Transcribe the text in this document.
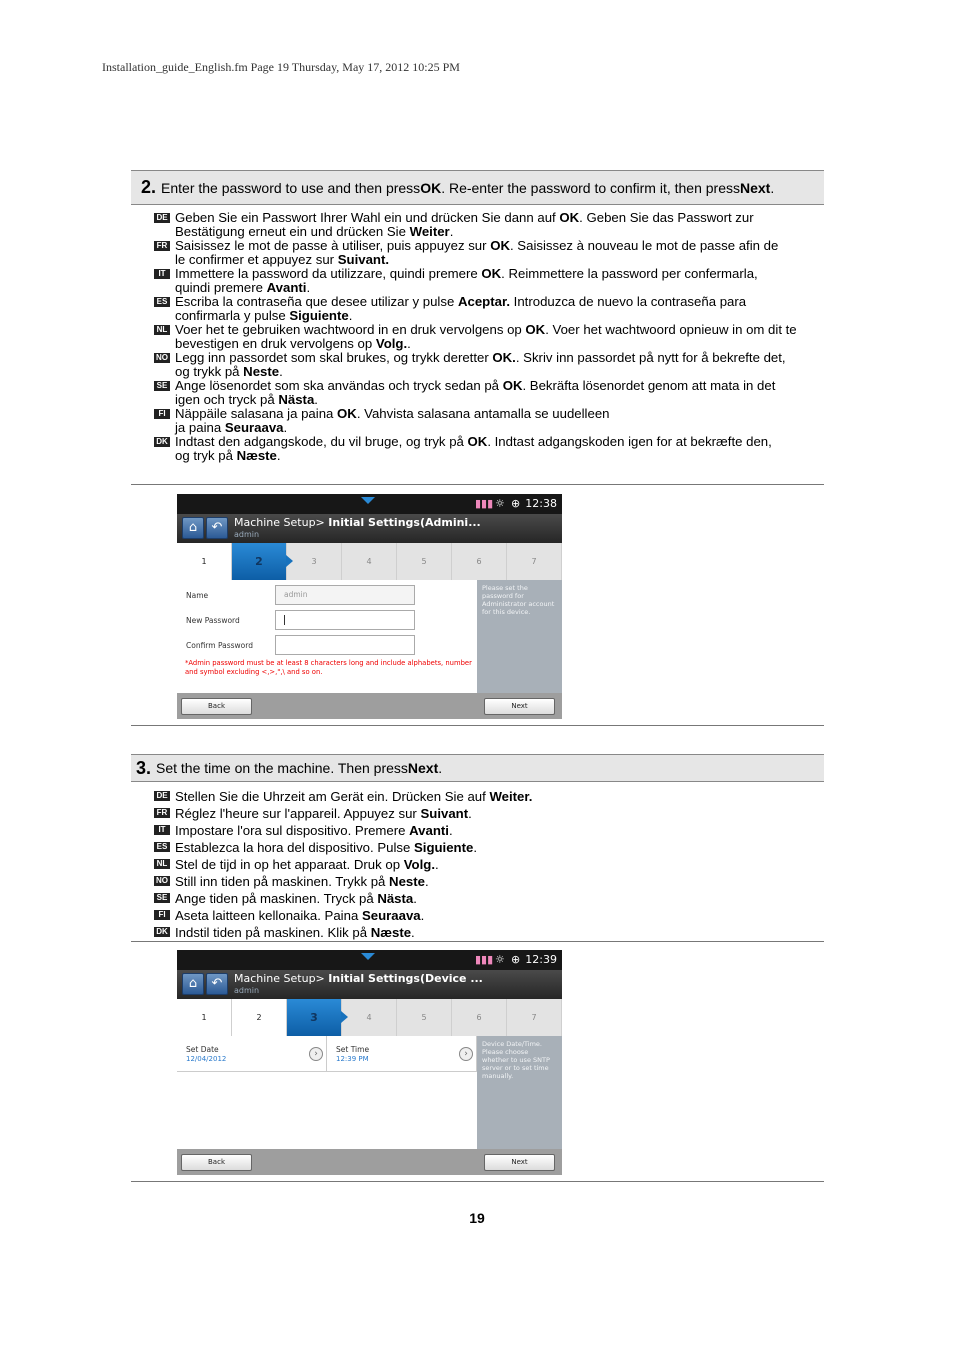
Installation_guide_English.fm Page 19 Thursday, May 17, 2012 10:25 PM
2. Enter the password to use and then press OK . Re-enter the password to confirm it, then press Next .
DE Geben Sie ein Passwort Ihrer Wahl ein und drücken Sie dann auf OK. Geben Sie das Passwort zur
Bestätigung erneut ein und drücken Sie Weiter.
FR Saisissez le mot de passe à utiliser, puis appuyez sur OK. Saisissez à nouveau le mot de passe afin de
le confirmer et appuyez sur Suivant.
IT Immettere la password da utilizzare, quindi premere OK. Reimmettere la password per confermarla,
quindi premere Avanti.
ES Escriba la contraseña que desee utilizar y pulse Aceptar. Introduzca de nuevo la contraseña para
confirmarla y pulse Siguiente.
NL Voer het te gebruiken wachtwoord in en druk vervolgens op OK. Voer het wachtwoord opnieuw in om dit te
bevestigen en druk vervolgens op Volg..
NO Legg inn passordet som skal brukes, og trykk deretter OK.. Skriv inn passordet på nytt for å bekrefte det,
og trykk på Neste.
SE Ange lösenordet som ska användas och tryck sedan på OK. Bekräfta lösenordet genom att mata in det
igen och tryck på Nästa.
FI Näppäile salasana ja paina OK. Vahvista salasana antamalla se uudelleen
ja paina Seuraava.
DK Indtast den adgangskode, du vil bruge, og tryk på OK. Indtast adgangskoden igen for at bekræfte den,
og tryk på Næste.
▮▮▮ ☼ ⊕ 12:38
⌂	↶	Machine Setup> Initial Settings(Admini...
admin
1	2	3	4	5	6	7
Name	admin
New Password
Confirm Password
*Admin password must be at least 8 characters long and include alphabets, number and symbol excluding <,>,",\ and so on.
Please set the password for Administrator account for this device.
Back	Next
3. Set the time on the machine. Then press Next .
DE Stellen Sie die Uhrzeit am Gerät ein. Drücken Sie auf Weiter.
FR Réglez l'heure sur l'appareil. Appuyez sur Suivant.
IT Impostare l'ora sul dispositivo. Premere Avanti.
ES Establezca la hora del dispositivo. Pulse Siguiente.
NL Stel de tijd in op het apparaat. Druk op Volg..
NO Still inn tiden på maskinen. Trykk på Neste.
SE Ange tiden på maskinen. Tryck på Nästa.
FI Aseta laitteen kellonaika. Paina Seuraava.
DK Indstil tiden på maskinen. Klik på Næste.
▮▮▮ ☼ ⊕ 12:39
⌂	↶	Machine Setup> Initial Settings(Device ...
admin
1	2	3	4	5	6	7
Set Date
12/04/2012	›	Set Time
12:39 PM	›
Device Date/Time. Please choose whether to use SNTP server or to set time manually.
Back	Next
19
